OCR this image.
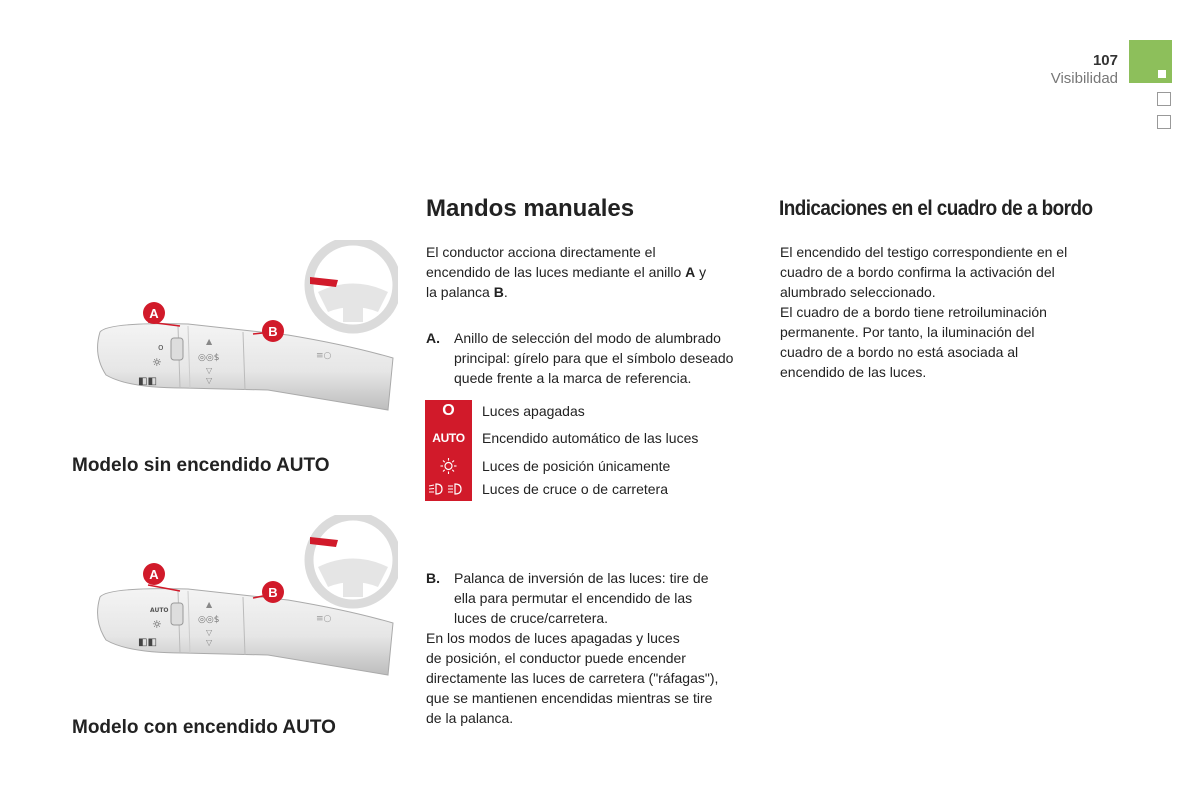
107
Visibilidad
o
☼
◧◧
▲
◎◎$
▽
▽
≡○
A
B
Modelo sin encendido AUTO
AUTO
☼
◧◧
▲
◎◎$
▽
▽
≡○
A
B
Modelo con encendido AUTO
Mandos manuales
El conductor acciona directamente el
encendido de las luces mediante el anillo A y
la palanca B.
A. Anillo de selección del modo de alumbrado
principal: gírelo para que el símbolo deseado
quede frente a la marca de referencia.
O
AUTO
Luces apagadas
Encendido automático de las luces
Luces de posición únicamente
Luces de cruce o de carretera
B. Palanca de inversión de las luces: tire de
ella para permutar el encendido de las
luces de cruce/carretera.
En los modos de luces apagadas y luces
de posición, el conductor puede encender
directamente las luces de carretera ("ráfagas"),
que se mantienen encendidas mientras se tire
de la palanca.
Indicaciones en el cuadro de a bordo
El encendido del testigo correspondiente en el
cuadro de a bordo confirma la activación del
alumbrado seleccionado.
El cuadro de a bordo tiene retroiluminación
permanente. Por tanto, la iluminación del
cuadro de a bordo no está asociada al
encendido de las luces.
